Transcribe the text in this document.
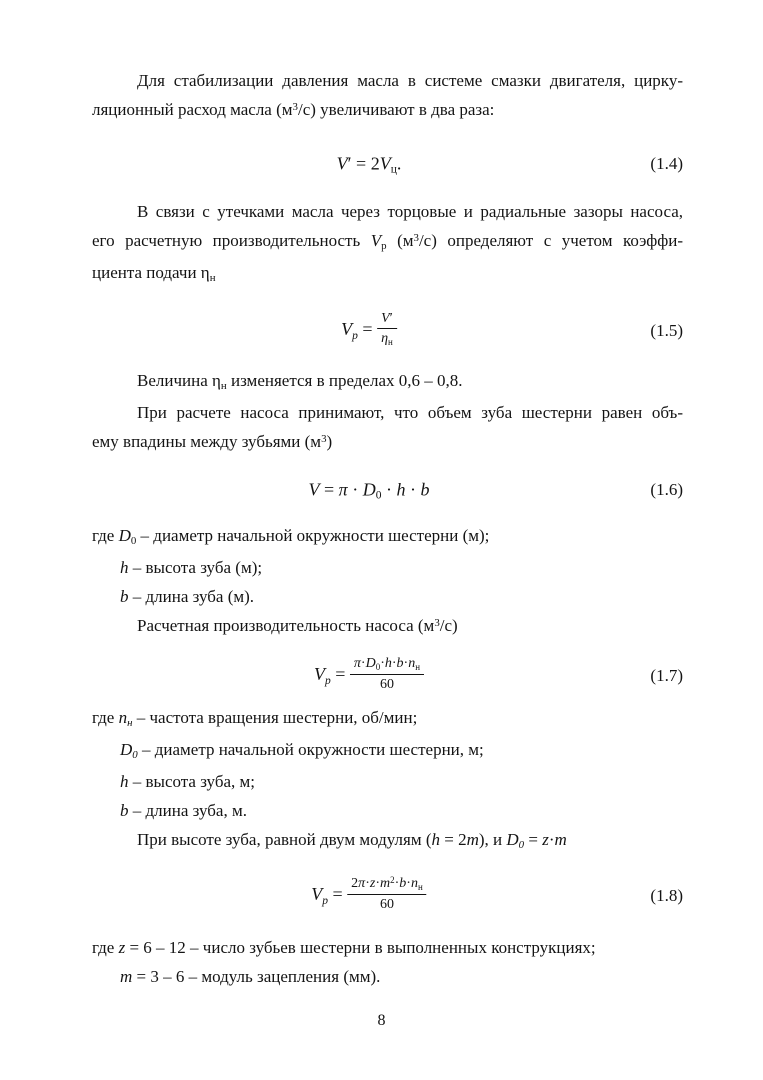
Для стабилизации давления масла в системе смазки двигателя, цирку-
ляционный расход масла $(м^3/с)$ увеличивают в два раза:
V′ = 2Vц.	(1.4)
В связи с утечками масла через торцовые и радиальные зазоры насоса,
его расчетную производительность Vр $(м^3/с)$ определяют с учетом коэффи-
циента подачи ηн
$Vp = \frac{V'}{\eta н}$	(1.5)
Величина ηн изменяется в пределах 0,6 – 0,8.
При расчете насоса принимают, что объем зуба шестерни равен объ-
ему впадины между зубьями $(м^3)$
V = π · D0 · h · b	(1.6)
где D0 – диаметр начальной окружности шестерни (м);
h – высота зуба (м);
b – длина зуба (м).
Расчетная производительность насоса $(м^3/с)$
$Vp = \frac{\pi\cdot D0\cdot h\cdot b\cdot nн}{60}$	(1.7)
где nн – частота вращения шестерни, об/мин;
D0 – диаметр начальной окружности шестерни, м;
h – высота зуба, м;
b – длина зуба, м.
При высоте зуба, равной двум модулям (h = 2m), и D0 = z·m
$Vp = \frac{2\pi\cdot z\cdot m^2\cdot b\cdot nн}{60}$	(1.8)
где z = 6 – 12 – число зубьев шестерни в выполненных конструкциях;
m = 3 – 6 – модуль зацепления (мм).
8
